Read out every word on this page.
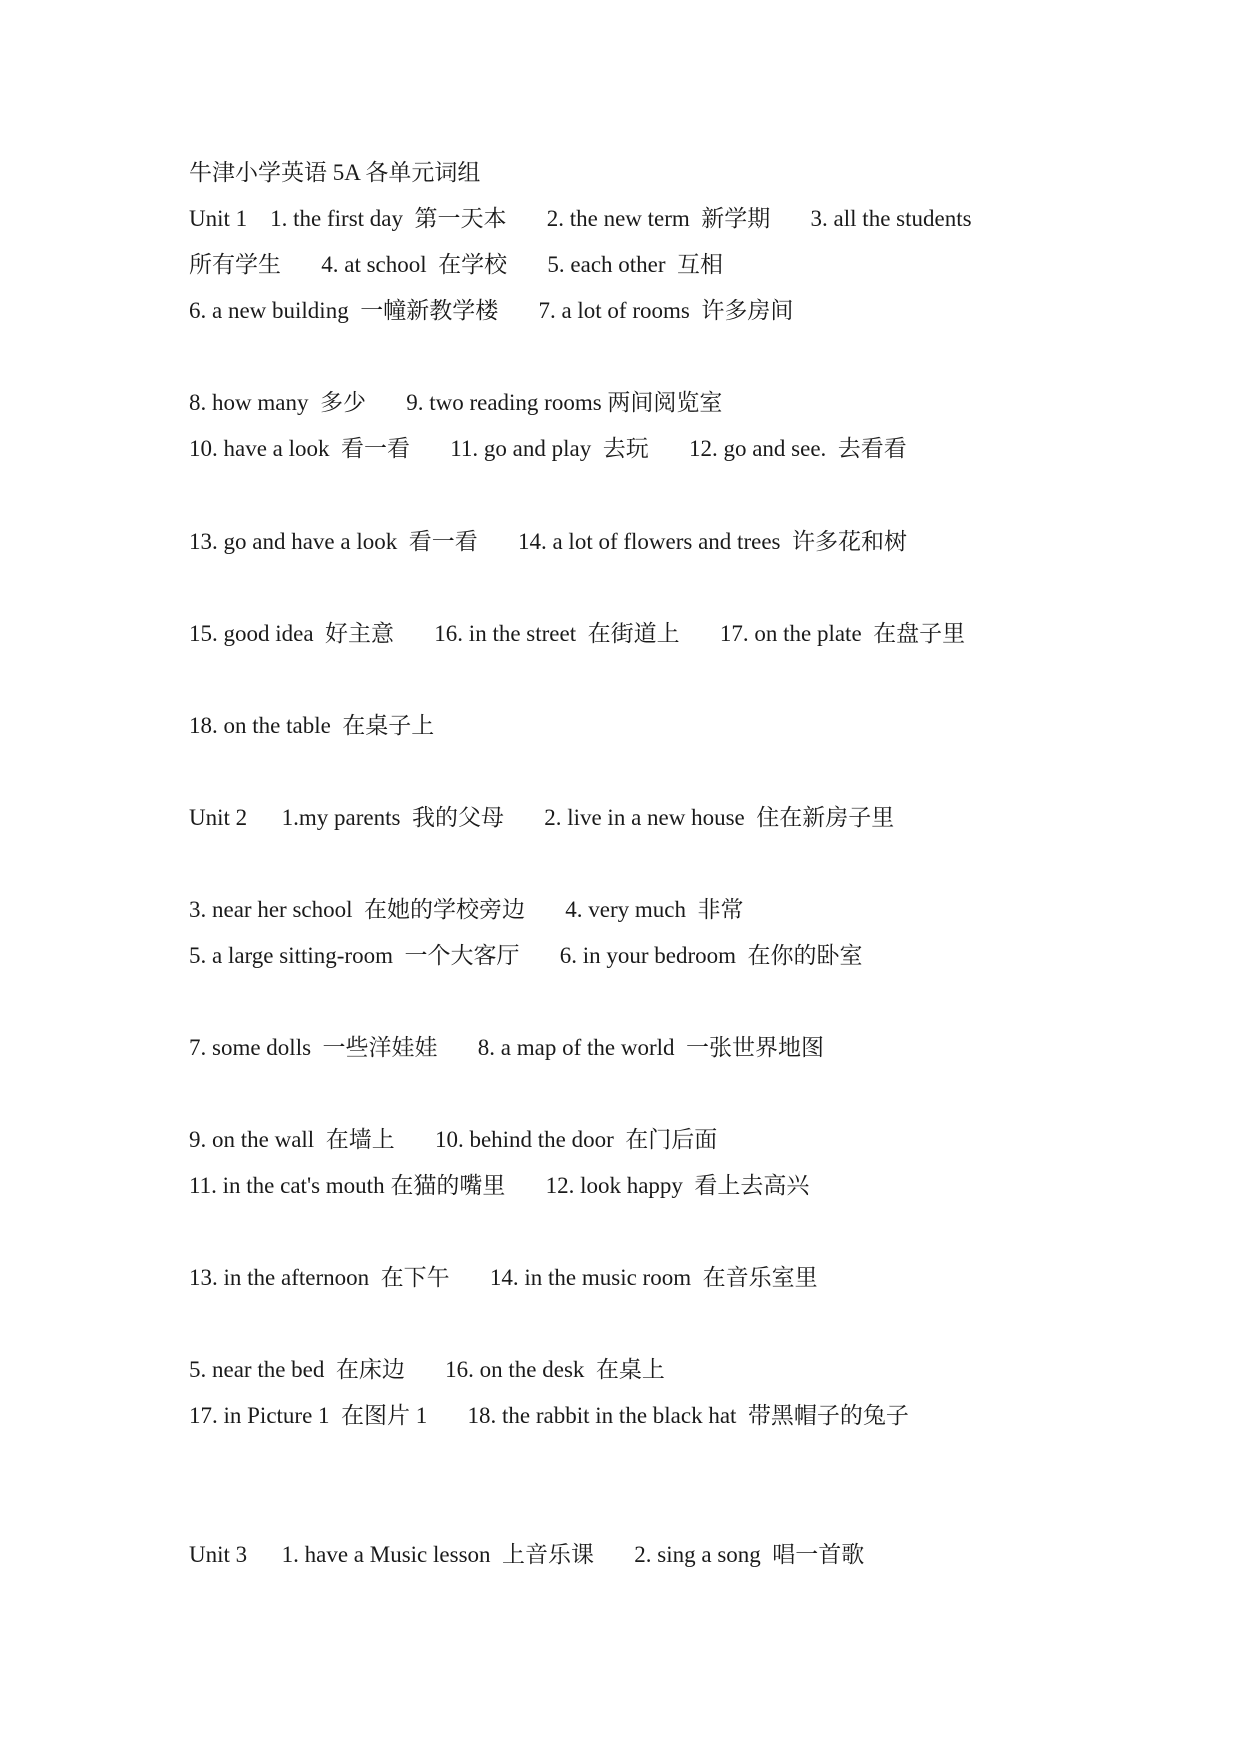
牛津小学英语 5A 各单元词组
Unit 1    1. the first day  第一天本       2. the new term  新学期       3. all the students
所有学生       4. at school  在学校       5. each other  互相
6. a new building  一幢新教学楼       7. a lot of rooms  许多房间
8. how many  多少       9. two reading rooms 两间阅览室
10. have a look  看一看       11. go and play  去玩       12. go and see.  去看看
13. go and have a look  看一看       14. a lot of flowers and trees  许多花和树
15. good idea  好主意       16. in the street  在街道上       17. on the plate  在盘子里
18. on the table  在桌子上
Unit 2      1.my parents  我的父母       2. live in a new house  住在新房子里
3. near her school  在她的学校旁边       4. very much  非常
5. a large sitting-room  一个大客厅       6. in your bedroom  在你的卧室
7. some dolls  一些洋娃娃       8. a map of the world  一张世界地图
9. on the wall  在墙上       10. behind the door  在门后面
11. in the cat's mouth 在猫的嘴里       12. look happy  看上去高兴
13. in the afternoon  在下午       14. in the music room  在音乐室里
5. near the bed  在床边       16. on the desk  在桌上
17. in Picture 1  在图片 1       18. the rabbit in the black hat  带黑帽子的兔子
Unit 3      1. have a Music lesson  上音乐课       2. sing a song  唱一首歌
